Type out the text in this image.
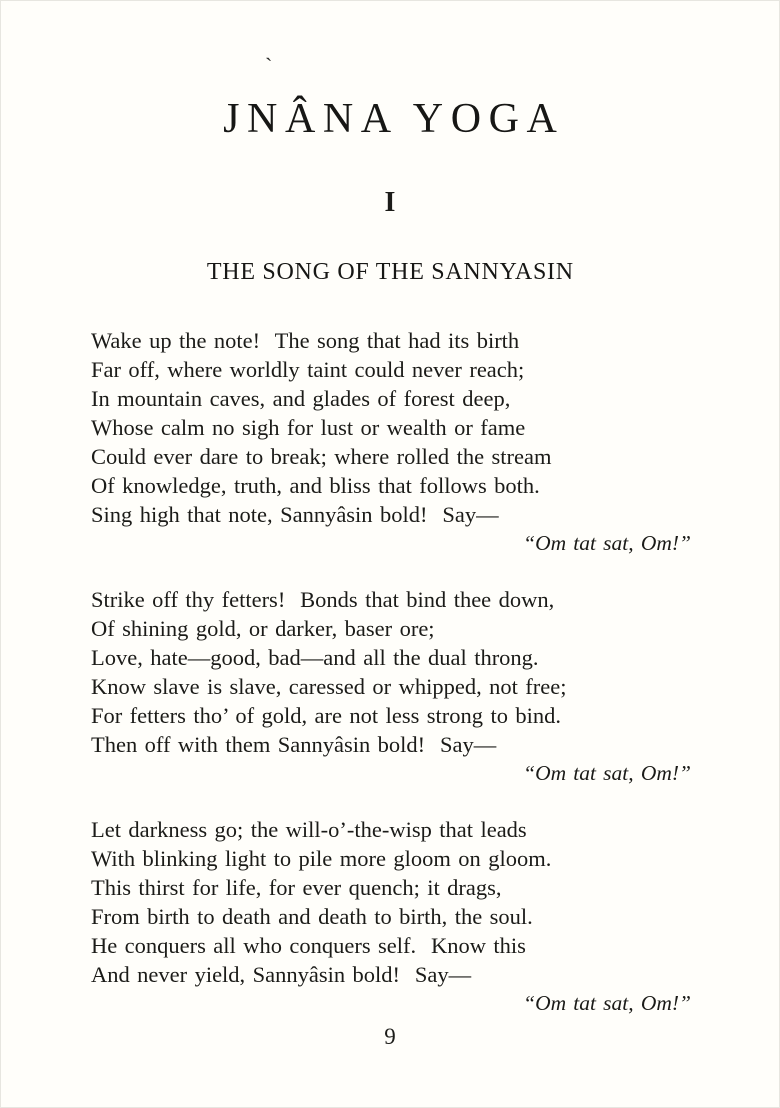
ˋ
JNÂNA YOGA
I
THE SONG OF THE SANNYASIN
Wake up the note!  The song that had its birth
Far off, where worldly taint could never reach;
In mountain caves, and glades of forest deep,
Whose calm no sigh for lust or wealth or fame
Could ever dare to break; where rolled the stream
Of knowledge, truth, and bliss that follows both.
Sing high that note, Sannyâsin bold!  Say—
“Om tat sat, Om!”
Strike off thy fetters!  Bonds that bind thee down,
Of shining gold, or darker, baser ore;
Love, hate—good, bad—and all the dual throng.
Know slave is slave, caressed or whipped, not free;
For fetters tho’ of gold, are not less strong to bind.
Then off with them Sannyâsin bold!  Say—
“Om tat sat, Om!”
Let darkness go; the will-o’-the-wisp that leads
With blinking light to pile more gloom on gloom.
This thirst for life, for ever quench; it drags,
From birth to death and death to birth, the soul.
He conquers all who conquers self.  Know this
And never yield, Sannyâsin bold!  Say—
“Om tat sat, Om!”
9
